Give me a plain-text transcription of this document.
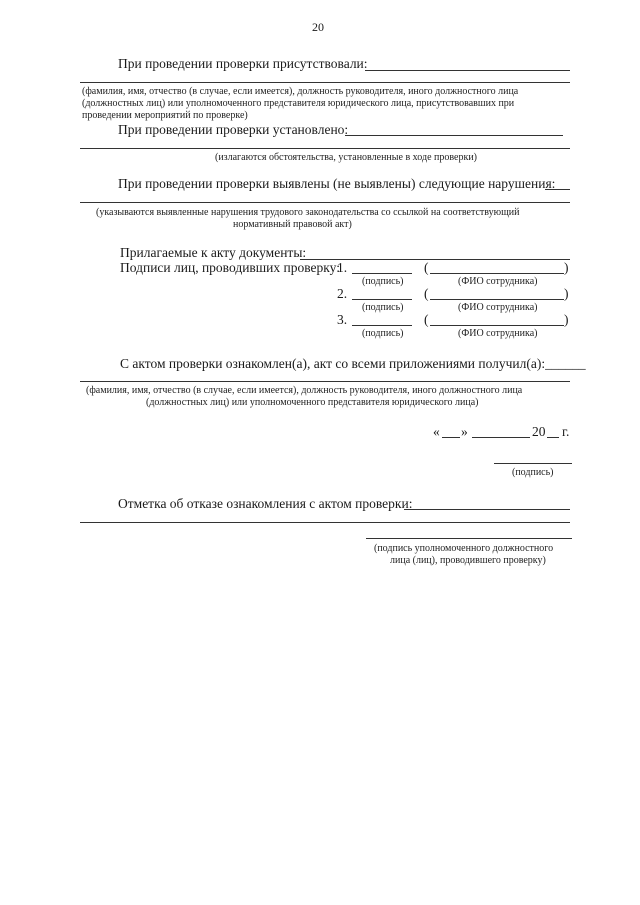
20
При проведении проверки присутствовали:
(фамилия, имя, отчество (в случае, если имеется), должность руководителя, иного должностного лица
(должностных лиц) или уполномоченного представителя юридического лица, присутствовавших при
проведении мероприятий по проверке)
При проведении проверки установлено:
(излагаются обстоятельства, установленные в ходе проверки)
При проведении проверки выявлены (не выявлены) следующие нарушения:
(указываются выявленные нарушения трудового законодательства со ссылкой на соответствующий
нормативный правовой акт)
Прилагаемые к акту документы:
Подписи лиц, проводивших проверку:
1.	(	)
(подпись)	(ФИО сотрудника)
2.	(	)
(подпись)	(ФИО сотрудника)
3.	(	)
(подпись)	(ФИО сотрудника)
С актом проверки ознакомлен(а), акт со всеми приложениями получил(а):______
(фамилия, имя, отчество (в случае, если имеется), должность руководителя, иного должностного лица
(должностных лиц) или уполномоченного представителя юридического лица)
« »	20 г.
(подпись)
Отметка об отказе ознакомления с актом проверки:
(подпись уполномоченного должностного
лица (лиц), проводившего проверку)
